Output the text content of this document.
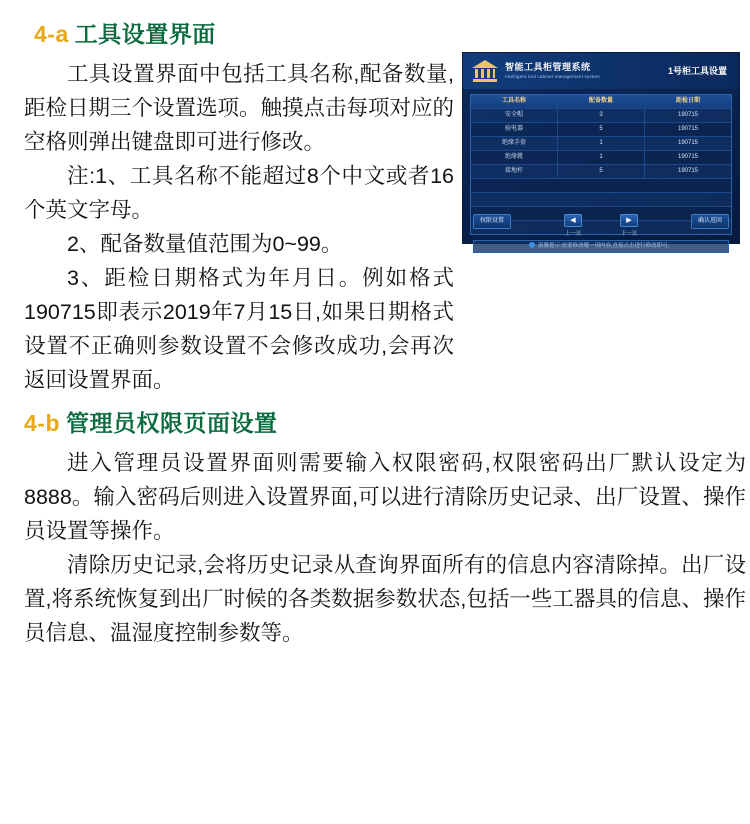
4-a 工具设置界面

工具设置界面中包括工具名称,配备数量,距检日期三个设置选项。触摸点击每项对应的空格则弹出键盘即可进行修改。

注:1、工具名称不能超过8个中文或者16个英文字母。

2、配备数量值范围为0~99。

3、距检日期格式为年月日。例如格式190715即表示2019年7月15日,如果日期格式设置不正确则参数设置不会修改成功,会再次返回设置界面。

智能工具柜管理系统
Intelligent tool cabinet management system
1号柜工具设置
工具名称	配备数量	距检日期
安全帽	3	190715
验电器	5	190715
绝缘手套	1	190715
绝缘靴	1	190715
接地杆	5	190715
温馨提示:需要修改哪一项内容,直接点击进行修改即可。
权限设置	◀
上一页
▶
下一页
确认返回
4-b 管理员权限页面设置

进入管理员设置界面则需要输入权限密码,权限密码出厂默认设定为8888。输入密码后则进入设置界面,可以进行清除历史记录、出厂设置、操作员设置等操作。

清除历史记录,会将历史记录从查询界面所有的信息内容清除掉。出厂设置,将系统恢复到出厂时候的各类数据参数状态,包括一些工器具的信息、操作员信息、温湿度控制参数等。
